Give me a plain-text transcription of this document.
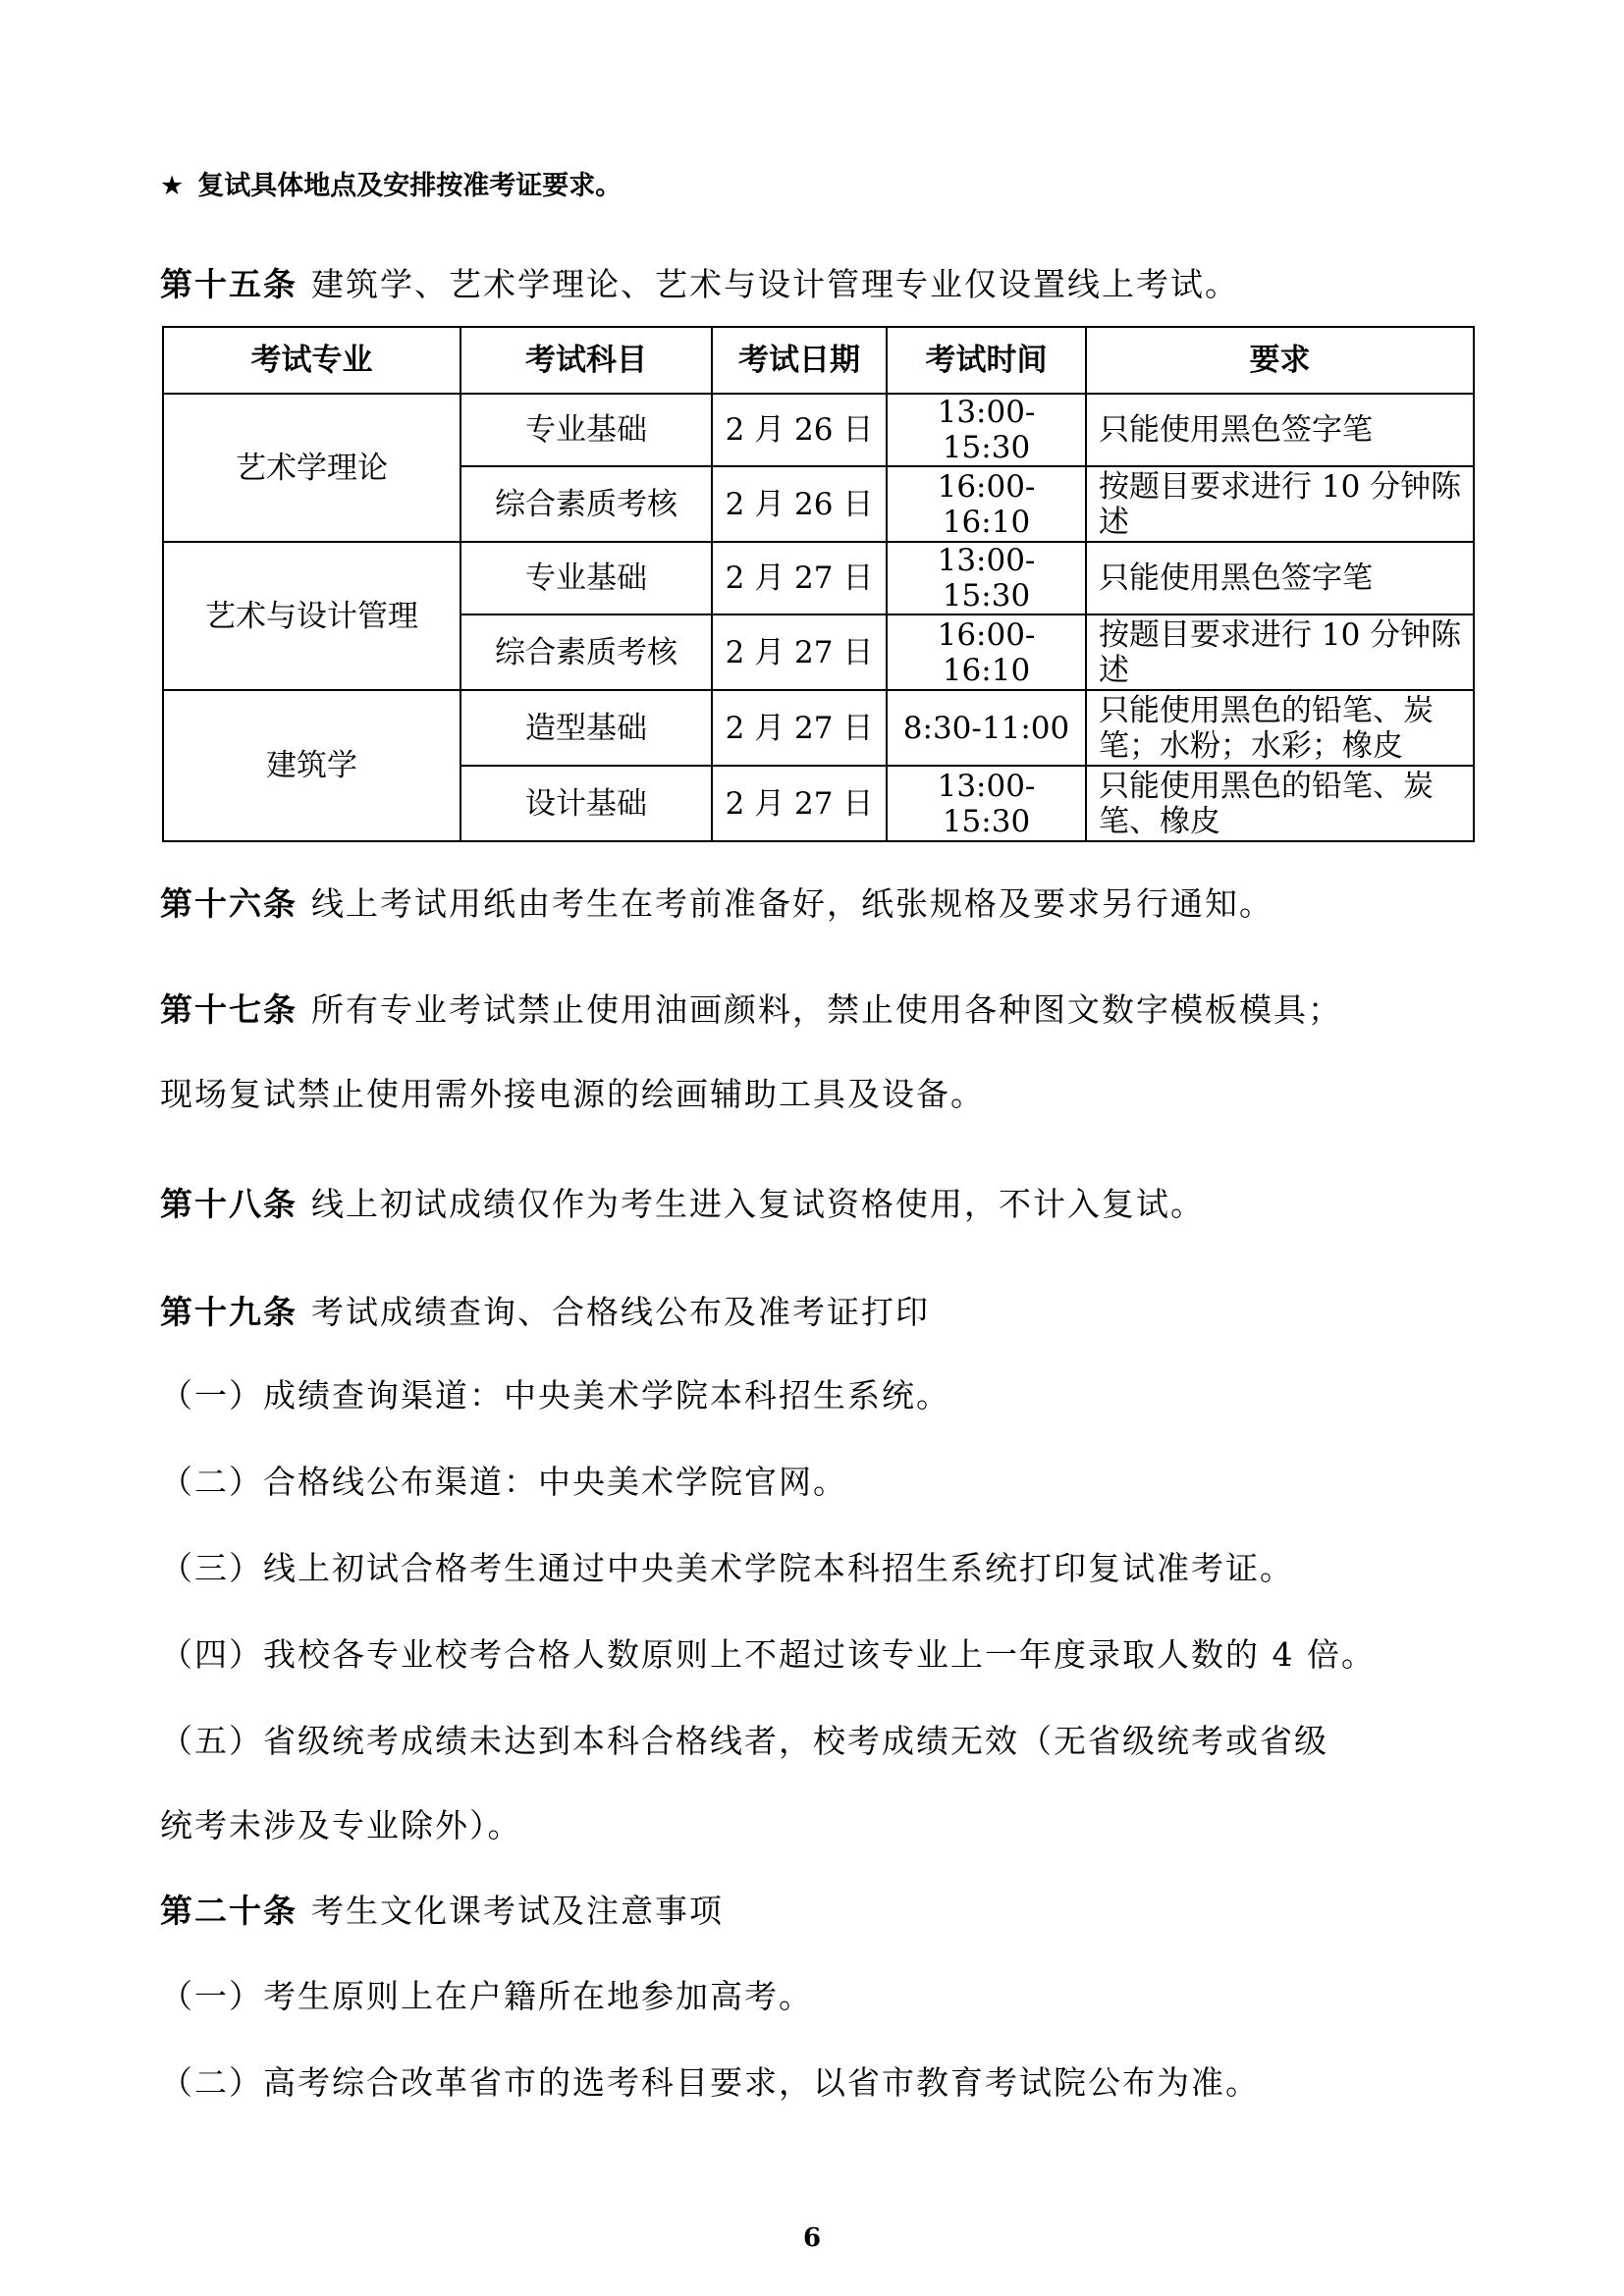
★ 复试具体地点及安排按准考证要求。
第十五条 建筑学、艺术学理论、艺术与设计管理专业仅设置线上考试。
考试专业	考试科目	考试日期	考试时间	要求
艺术学理论	专业基础	2 月 26 日	13:00-15:30	只能使用黑色签字笔
	综合素质考核	2 月 26 日	16:00-16:10	按题目要求进行 10 分钟陈述
艺术与设计管理	专业基础	2 月 27 日	13:00-15:30	只能使用黑色签字笔
	综合素质考核	2 月 27 日	16:00-16:10	按题目要求进行 10 分钟陈述
建筑学	造型基础	2 月 27 日	8:30-11:00	只能使用黑色的铅笔、炭笔；水粉；水彩；橡皮
	设计基础	2 月 27 日	13:00-15:30	只能使用黑色的铅笔、炭笔、橡皮
第十六条 线上考试用纸由考生在考前准备好，纸张规格及要求另行通知。
第十七条 所有专业考试禁止使用油画颜料，禁止使用各种图文数字模板模具；
现场复试禁止使用需外接电源的绘画辅助工具及设备。
第十八条 线上初试成绩仅作为考生进入复试资格使用，不计入复试。
第十九条 考试成绩查询、合格线公布及准考证打印
（一）成绩查询渠道：中央美术学院本科招生系统。
（二）合格线公布渠道：中央美术学院官网。
（三）线上初试合格考生通过中央美术学院本科招生系统打印复试准考证。
（四）我校各专业校考合格人数原则上不超过该专业上一年度录取人数的 4 倍。
（五）省级统考成绩未达到本科合格线者，校考成绩无效（无省级统考或省级
统考未涉及专业除外）。
第二十条 考生文化课考试及注意事项
（一）考生原则上在户籍所在地参加高考。
（二）高考综合改革省市的选考科目要求，以省市教育考试院公布为准。
6
